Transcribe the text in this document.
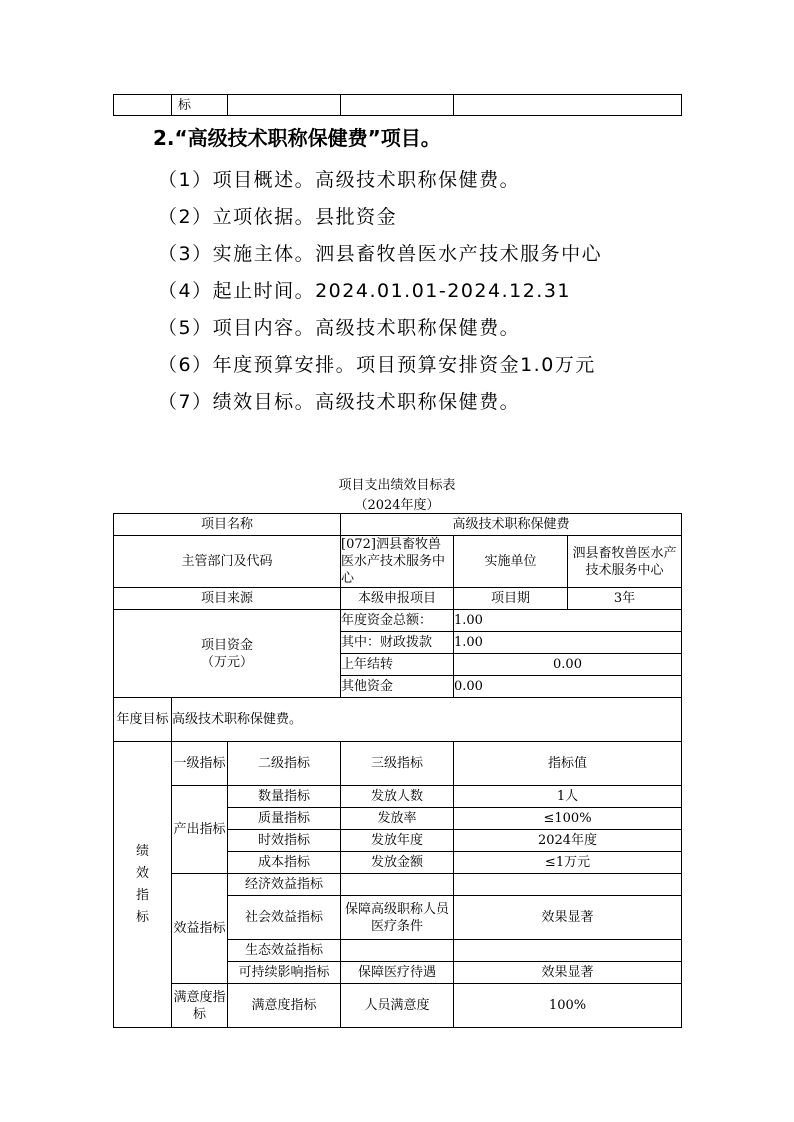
	标			
2.“高级技术职称保健费”项目。
（1）项目概述。高级技术职称保健费。
（2）立项依据。县批资金
（3）实施主体。泗县畜牧兽医水产技术服务中心
（4）起止时间。2024.01.01-2024.12.31
（5）项目内容。高级技术职称保健费。
（6）年度预算安排。项目预算安排资金1.0万元
（7）绩效目标。高级技术职称保健费。
项目支出绩效目标表
（2024年度）
项目名称			高级技术职称保健费		
主管部门及代码			[072]泗县畜牧兽医水产技术服务中心	实施单位	泗县畜牧兽医水产技术服务中心
项目来源			本级申报项目	项目期	3年
项目资金
（万元）			年度资金总额：	1.00	
			其中：财政拨款	1.00	
			上年结转	0.00	
			其他资金	0.00	
年度目标	高级技术职称保健费。				

绩效指标	一级指标	二级指标	三级指标	指标值	
	产出指标	数量指标	发放人数	1人	
		质量指标	发放率	≤100%	
		时效指标	发放年度	2024年度	
		成本指标	发放金额	≤1万元	
	效益指标	经济效益指标			
		社会效益指标	保障高级职称人员医疗条件	效果显著	
		生态效益指标			
		可持续影响指标	保障医疗待遇	效果显著	
	满意度指标	满意度指标	人员满意度	100%	
